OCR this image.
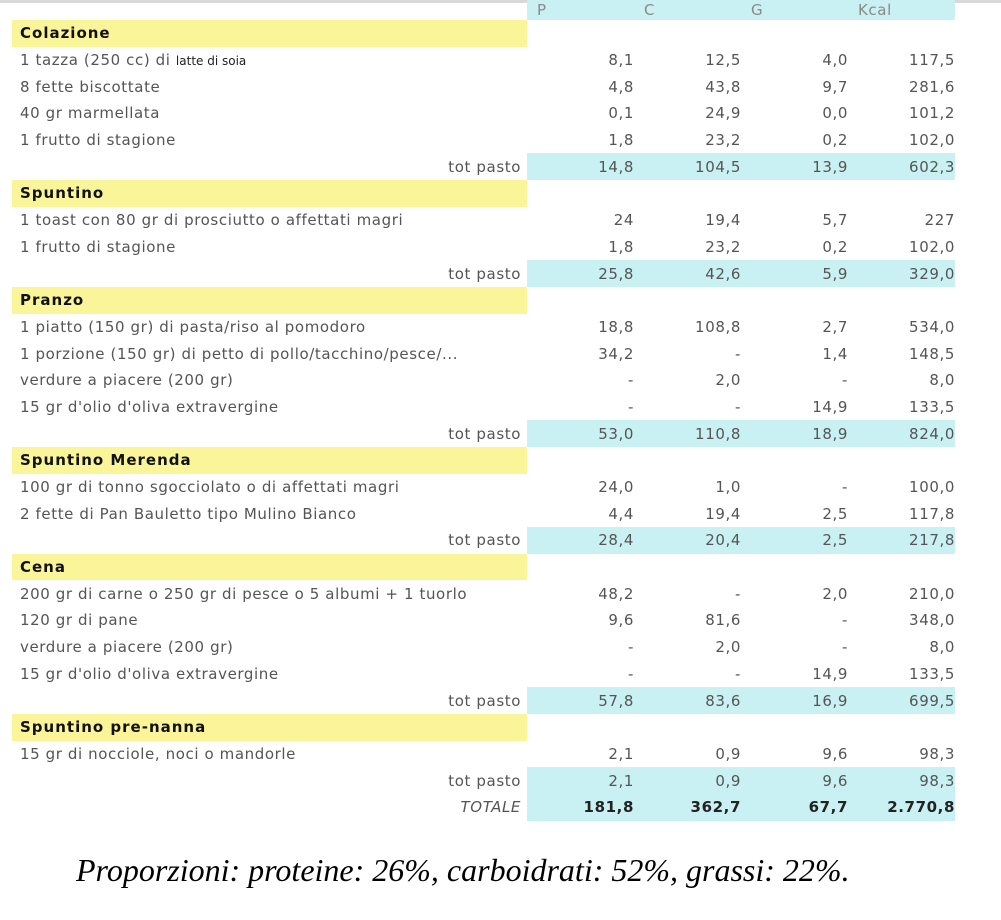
	P	C	G	Kcal
Colazione				
1 tazza (250 cc) di latte di soia	8,1	12,5	4,0	117,5
8 fette biscottate	4,8	43,8	9,7	281,6
40 gr marmellata	0,1	24,9	0,0	101,2
1 frutto di stagione	1,8	23,2	0,2	102,0
tot pasto	14,8	104,5	13,9	602,3
Spuntino				
1 toast con 80 gr di prosciutto o affettati magri	24	19,4	5,7	227
1 frutto di stagione	1,8	23,2	0,2	102,0
tot pasto	25,8	42,6	5,9	329,0
Pranzo				
1 piatto (150 gr) di pasta/riso al pomodoro	18,8	108,8	2,7	534,0
1 porzione (150 gr) di petto di pollo/tacchino/pesce/...	34,2	-	1,4	148,5
verdure a piacere (200 gr)	-	2,0	-	8,0
15 gr d'olio d'oliva extravergine	-	-	14,9	133,5
tot pasto	53,0	110,8	18,9	824,0
Spuntino Merenda				
100 gr di tonno sgocciolato o di affettati magri	24,0	1,0	-	100,0
2 fette di Pan Bauletto tipo Mulino Bianco	4,4	19,4	2,5	117,8
tot pasto	28,4	20,4	2,5	217,8
Cena				
200 gr di carne o 250 gr di pesce o 5 albumi + 1 tuorlo	48,2	-	2,0	210,0
120 gr di pane	9,6	81,6	-	348,0
verdure a piacere (200 gr)	-	2,0	-	8,0
15 gr d'olio d'oliva extravergine	-	-	14,9	133,5
tot pasto	57,8	83,6	16,9	699,5
Spuntino pre-nanna				
15 gr di nocciole, noci o mandorle	2,1	0,9	9,6	98,3
tot pasto	2,1	0,9	9,6	98,3
TOTALE	181,8	362,7	67,7	2.770,8
Proporzioni: proteine: 26%, carboidrati: 52%, grassi: 22%.
